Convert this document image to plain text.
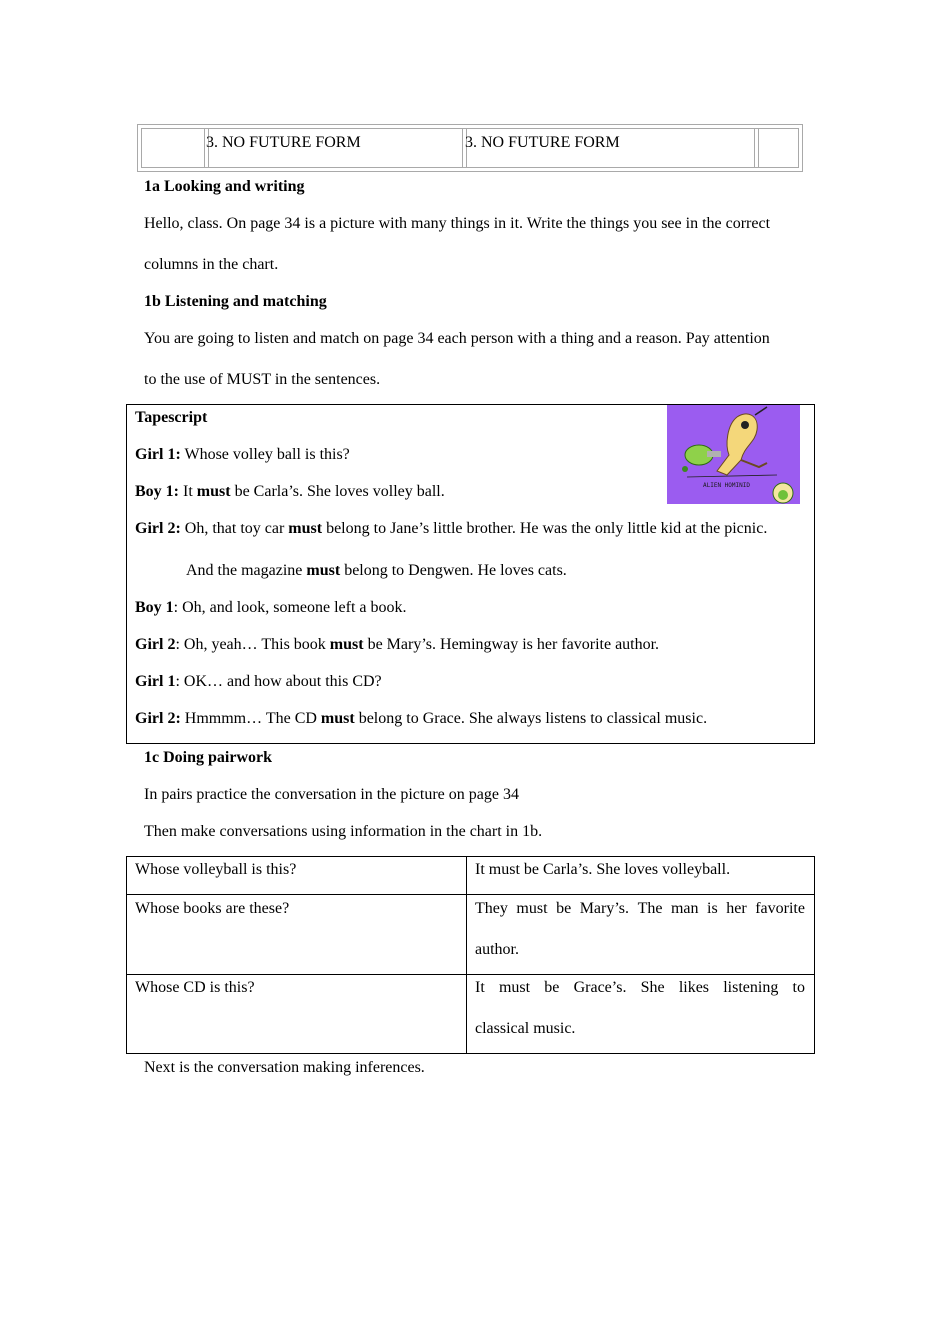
3. NO FUTURE FORM	3. NO FUTURE FORM
1a Looking and writing
Hello, class. On page 34 is a picture with many things in it. Write the things you see in the correct
columns in the chart.
1b Listening and matching
You are going to listen and match on page 34 each person with a thing and a reason. Pay attention
to the use of MUST in the sentences.
Tapescript
ALIEN HOMINID
Girl 1: Whose volley ball is this?
Boy 1: It must be Carla’s. She loves volley ball.
Girl 2: Oh, that toy car must belong to Jane’s little brother. He was the only little kid at the picnic.
And the magazine must belong to Dengwen. He loves cats.
Boy 1: Oh, and look, someone left a book.
Girl 2: Oh, yeah… This book must be Mary’s. Hemingway is her favorite author.
Girl 1: OK… and how about this CD?
Girl 2: Hmmmm… The CD must belong to Grace. She always listens to classical music.
1c Doing pairwork
In pairs practice the conversation in the picture on page 34
Then make conversations using information in the chart in 1b.
Whose volleyball is this?	It must be Carla’s. She loves volleyball.
Whose books are these?	They must be Mary’s. The man is her favorite
author.
Whose CD is this?	It must be Grace’s. She likes listening to
classical music.
Next is the conversation making inferences.
